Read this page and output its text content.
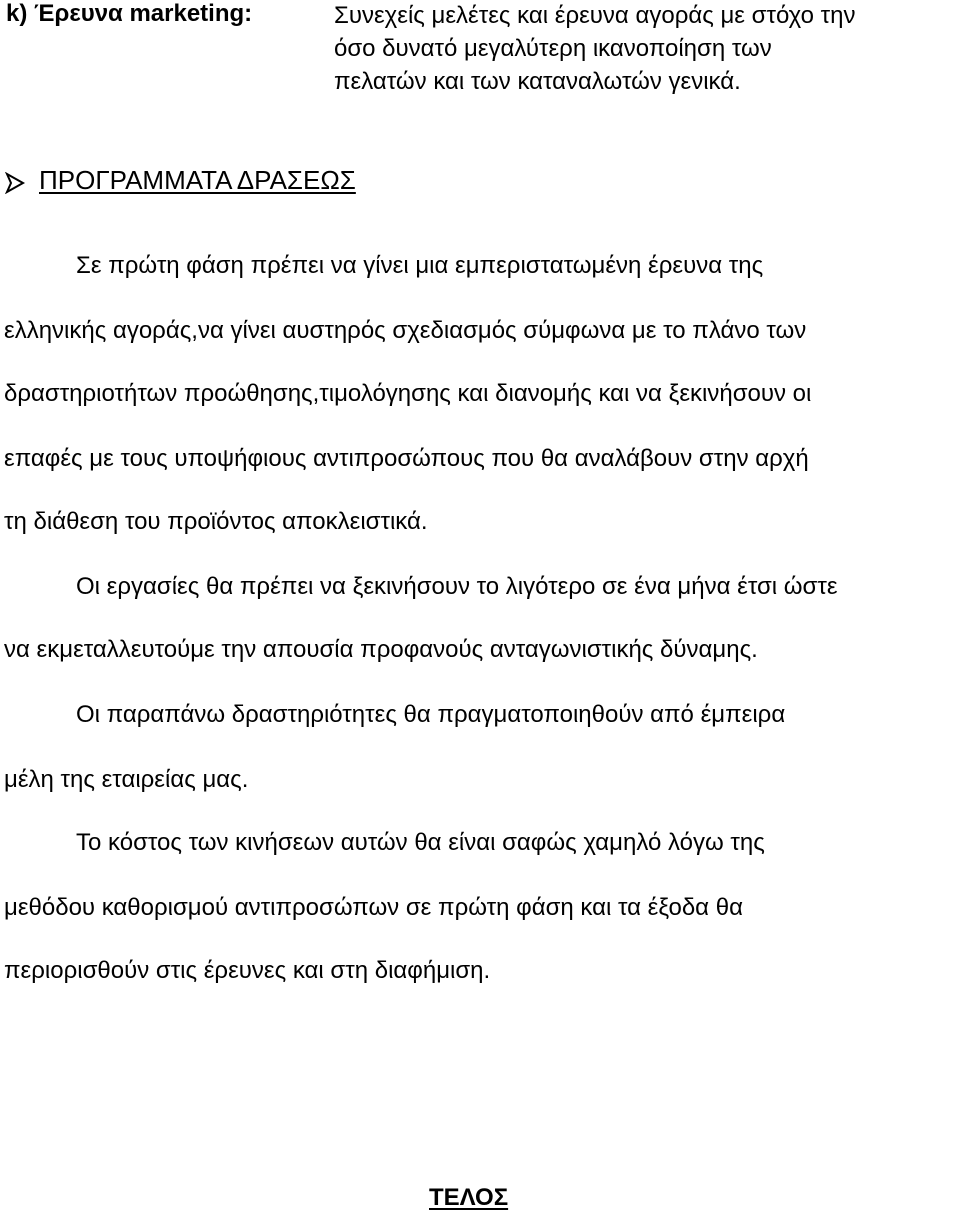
k) Έρευνα marketing:	Συνεχείς μελέτες και έρευνα αγοράς με στόχο την
όσο δυνατό μεγαλύτερη ικανοποίηση των
πελατών και των καταναλωτών γενικά.
ΠΡΟΓΡΑΜΜΑΤΑ ΔΡΑΣΕΩΣ
Σε πρώτη φάση πρέπει να γίνει μια εμπεριστατωμένη έρευνα της
ελληνικής αγοράς,να γίνει αυστηρός σχεδιασμός σύμφωνα με το πλάνο των
δραστηριοτήτων προώθησης,τιμολόγησης και διανομής και να ξεκινήσουν οι
επαφές με τους υποψήφιους αντιπροσώπους που θα αναλάβουν στην αρχή
τη διάθεση του προϊόντος αποκλειστικά.
Οι εργασίες θα πρέπει να ξεκινήσουν το λιγότερο σε ένα μήνα έτσι ώστε
να εκμεταλλευτούμε την απουσία προφανούς ανταγωνιστικής δύναμης.
Οι παραπάνω δραστηριότητες θα πραγματοποιηθούν από έμπειρα
μέλη της εταιρείας μας.
Το κόστος των κινήσεων αυτών θα είναι σαφώς χαμηλό λόγω της
μεθόδου καθορισμού αντιπροσώπων σε πρώτη φάση και τα έξοδα θα
περιορισθούν στις έρευνες και στη διαφήμιση.
ΤΕΛΟΣ
